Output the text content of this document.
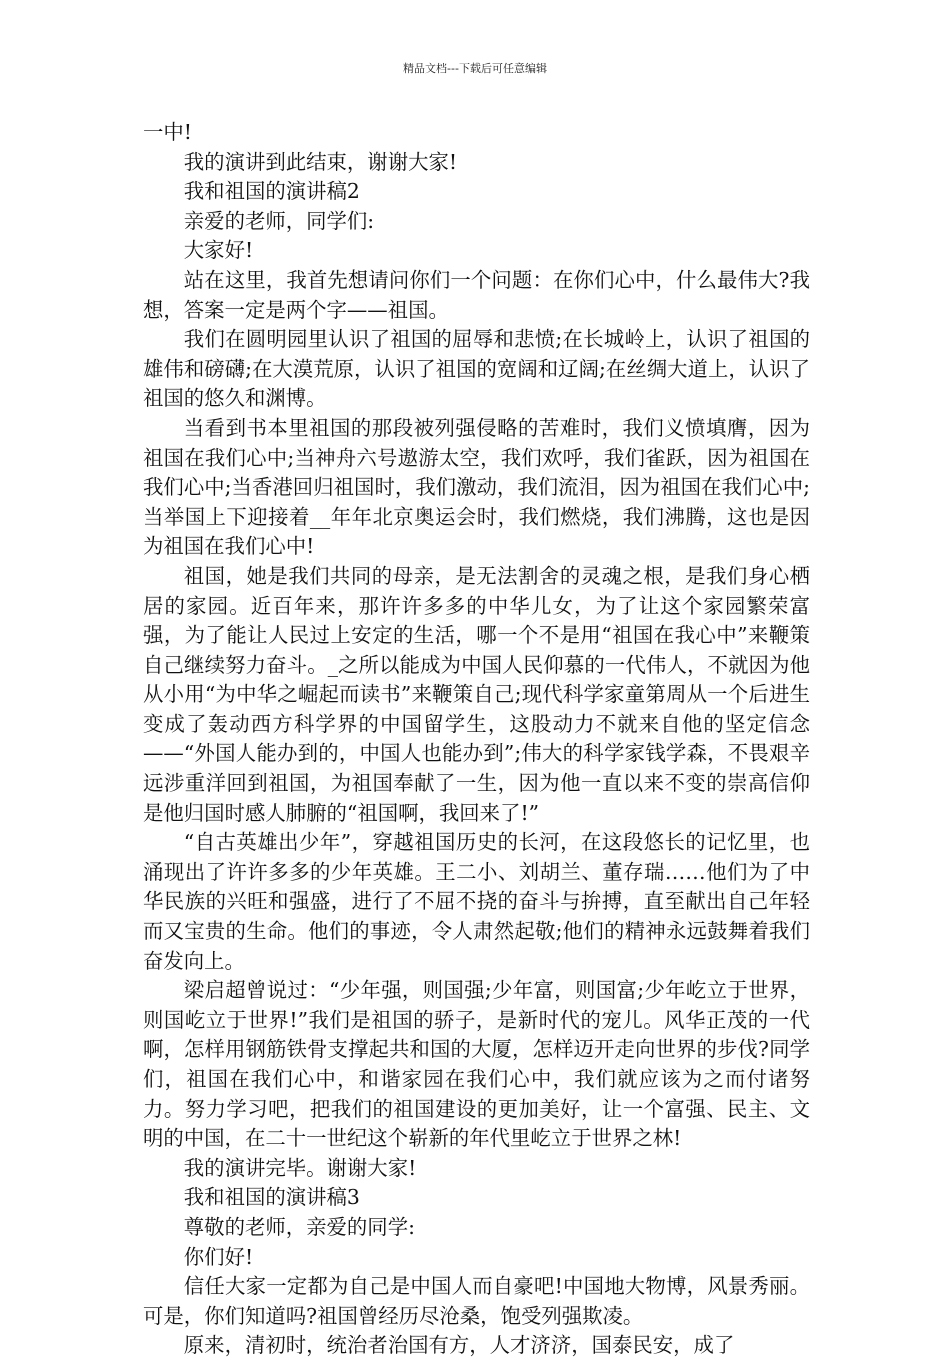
精品文档---下载后可任意编辑

一中!

我的演讲到此结束，谢谢大家!

我和祖国的演讲稿2

亲爱的老师，同学们:

大家好!

站在这里，我首先想请问你们一个问题：在你们心中，什么最伟大?我想，答案一定是两个字——祖国。

我们在圆明园里认识了祖国的屈辱和悲愤;在长城岭上，认识了祖国的雄伟和磅礴;在大漠荒原，认识了祖国的宽阔和辽阔;在丝绸大道上，认识了祖国的悠久和渊博。

当看到书本里祖国的那段被列强侵略的苦难时，我们义愤填膺，因为祖国在我们心中;当神舟六号遨游太空，我们欢呼，我们雀跃，因为祖国在我们心中;当香港回归祖国时，我们激动，我们流泪，因为祖国在我们心中;当举国上下迎接着__年年北京奥运会时，我们燃烧，我们沸腾，这也是因为祖国在我们心中!

祖国，她是我们共同的母亲，是无法割舍的灵魂之根，是我们身心栖居的家园。近百年来，那许许多多的中华儿女，为了让这个家园繁荣富强，为了能让人民过上安定的生活，哪一个不是用“祖国在我心中”来鞭策自己继续努力奋斗。_之所以能成为中国人民仰慕的一代伟人，不就因为他从小用“为中华之崛起而读书”来鞭策自己;现代科学家童第周从一个后进生变成了轰动西方科学界的中国留学生，这股动力不就来自他的坚定信念——“外国人能办到的，中国人也能办到”;伟大的科学家钱学森，不畏艰辛远涉重洋回到祖国，为祖国奉献了一生，因为他一直以来不变的崇高信仰是他归国时感人肺腑的“祖国啊，我回来了!”

“自古英雄出少年”，穿越祖国历史的长河，在这段悠长的记忆里，也涌现出了许许多多的少年英雄。王二小、刘胡兰、董存瑞……他们为了中华民族的兴旺和强盛，进行了不屈不挠的奋斗与拚搏，直至献出自己年轻而又宝贵的生命。他们的事迹，令人肃然起敬;他们的精神永远鼓舞着我们奋发向上。

梁启超曾说过：“少年强，则国强;少年富，则国富;少年屹立于世界，则国屹立于世界!”我们是祖国的骄子，是新时代的宠儿。风华正茂的一代啊，怎样用钢筋铁骨支撑起共和国的大厦，怎样迈开走向世界的步伐?同学们，祖国在我们心中，和谐家园在我们心中，我们就应该为之而付诸努力。努力学习吧，把我们的祖国建设的更加美好，让一个富强、民主、文明的中国，在二十一世纪这个崭新的年代里屹立于世界之林!

我的演讲完毕。谢谢大家!

我和祖国的演讲稿3

尊敬的老师，亲爱的同学:

你们好!

信任大家一定都为自己是中国人而自豪吧!中国地大物博，风景秀丽。可是，你们知道吗?祖国曾经历尽沧桑，饱受列强欺凌。

原来，清初时，统治者治国有方，人才济济，国泰民安，成了
